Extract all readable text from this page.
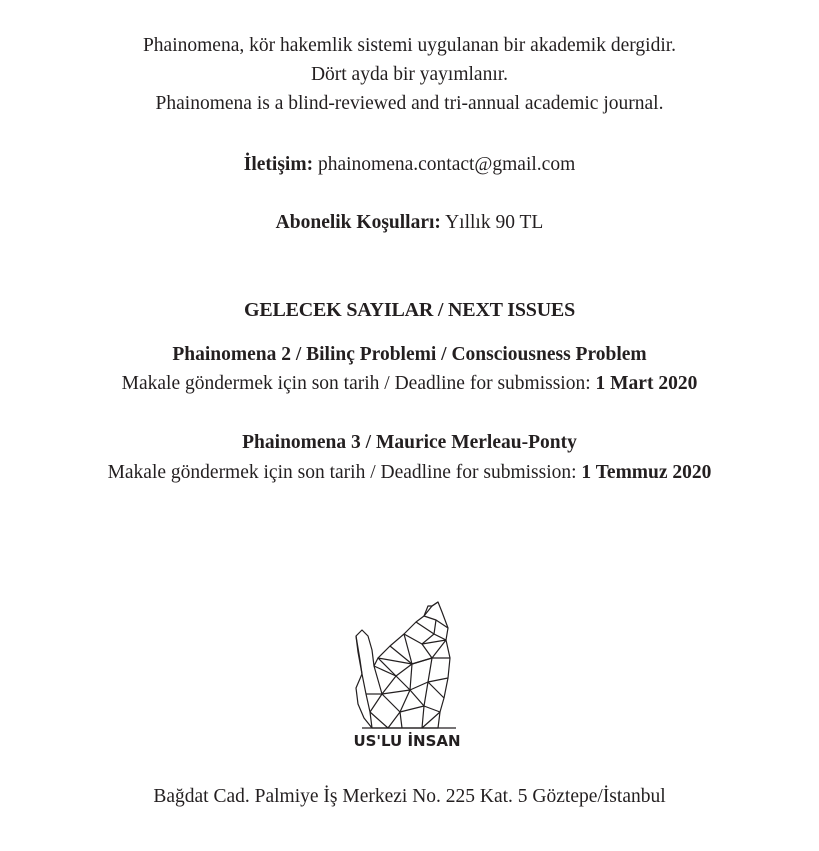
Phainomena, kör hakemlik sistemi uygulanan bir akademik dergidir.
Dört ayda bir yayımlanır.
Phainomena is a blind-reviewed and tri-annual academic journal.
İletişim: phainomena.contact@gmail.com
Abonelik Koşulları: Yıllık 90 TL
GELECEK SAYILAR / NEXT ISSUES
Phainomena 2 / Bilinç Problemi / Consciousness Problem
Makale göndermek için son tarih / Deadline for submission: 1 Mart 2020
Phainomena 3 / Maurice Merleau-Ponty
Makale göndermek için son tarih / Deadline for submission: 1 Temmuz 2020
US'LU İNSAN
Bağdat Cad. Palmiye İş Merkezi No. 225 Kat. 5 Göztepe/İstanbul
